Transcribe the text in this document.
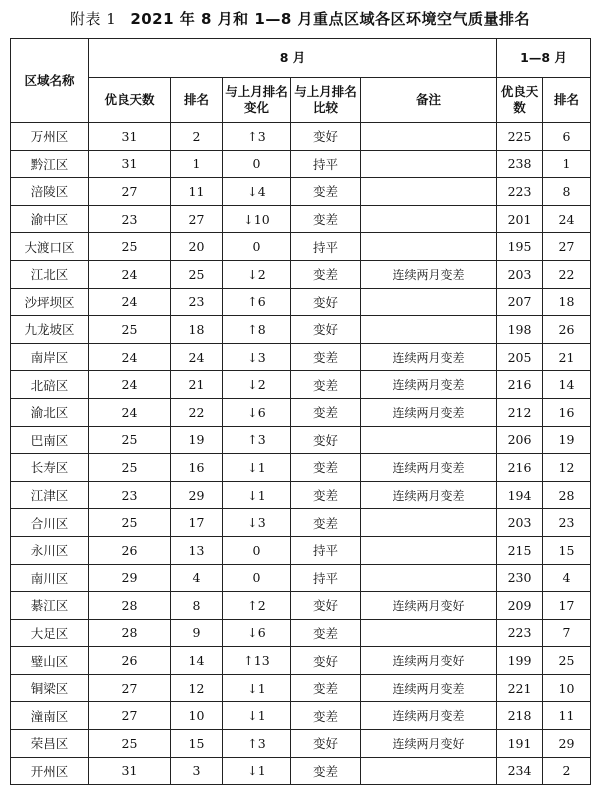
附表 1 2021 年 8 月和 1—8 月重点区域各区环境空气质量排名
区域名称	8 月					1—8 月	
	优良天数	排名	与上月排名变化	与上月排名比较	备注	优良天数	排名
万州区	31	2	↑3	变好		225	6
黔江区	31	1	0	持平		238	1
涪陵区	27	11	↓4	变差		223	8
渝中区	23	27	↓10	变差		201	24
大渡口区	25	20	0	持平		195	27
江北区	24	25	↓2	变差	连续两月变差	203	22
沙坪坝区	24	23	↑6	变好		207	18
九龙坡区	25	18	↑8	变好		198	26
南岸区	24	24	↓3	变差	连续两月变差	205	21
北碚区	24	21	↓2	变差	连续两月变差	216	14
渝北区	24	22	↓6	变差	连续两月变差	212	16
巴南区	25	19	↑3	变好		206	19
长寿区	25	16	↓1	变差	连续两月变差	216	12
江津区	23	29	↓1	变差	连续两月变差	194	28
合川区	25	17	↓3	变差		203	23
永川区	26	13	0	持平		215	15
南川区	29	4	0	持平		230	4
綦江区	28	8	↑2	变好	连续两月变好	209	17
大足区	28	9	↓6	变差		223	7
璧山区	26	14	↑13	变好	连续两月变好	199	25
铜梁区	27	12	↓1	变差	连续两月变差	221	10
潼南区	27	10	↓1	变差	连续两月变差	218	11
荣昌区	25	15	↑3	变好	连续两月变好	191	29
开州区	31	3	↓1	变差		234	2
